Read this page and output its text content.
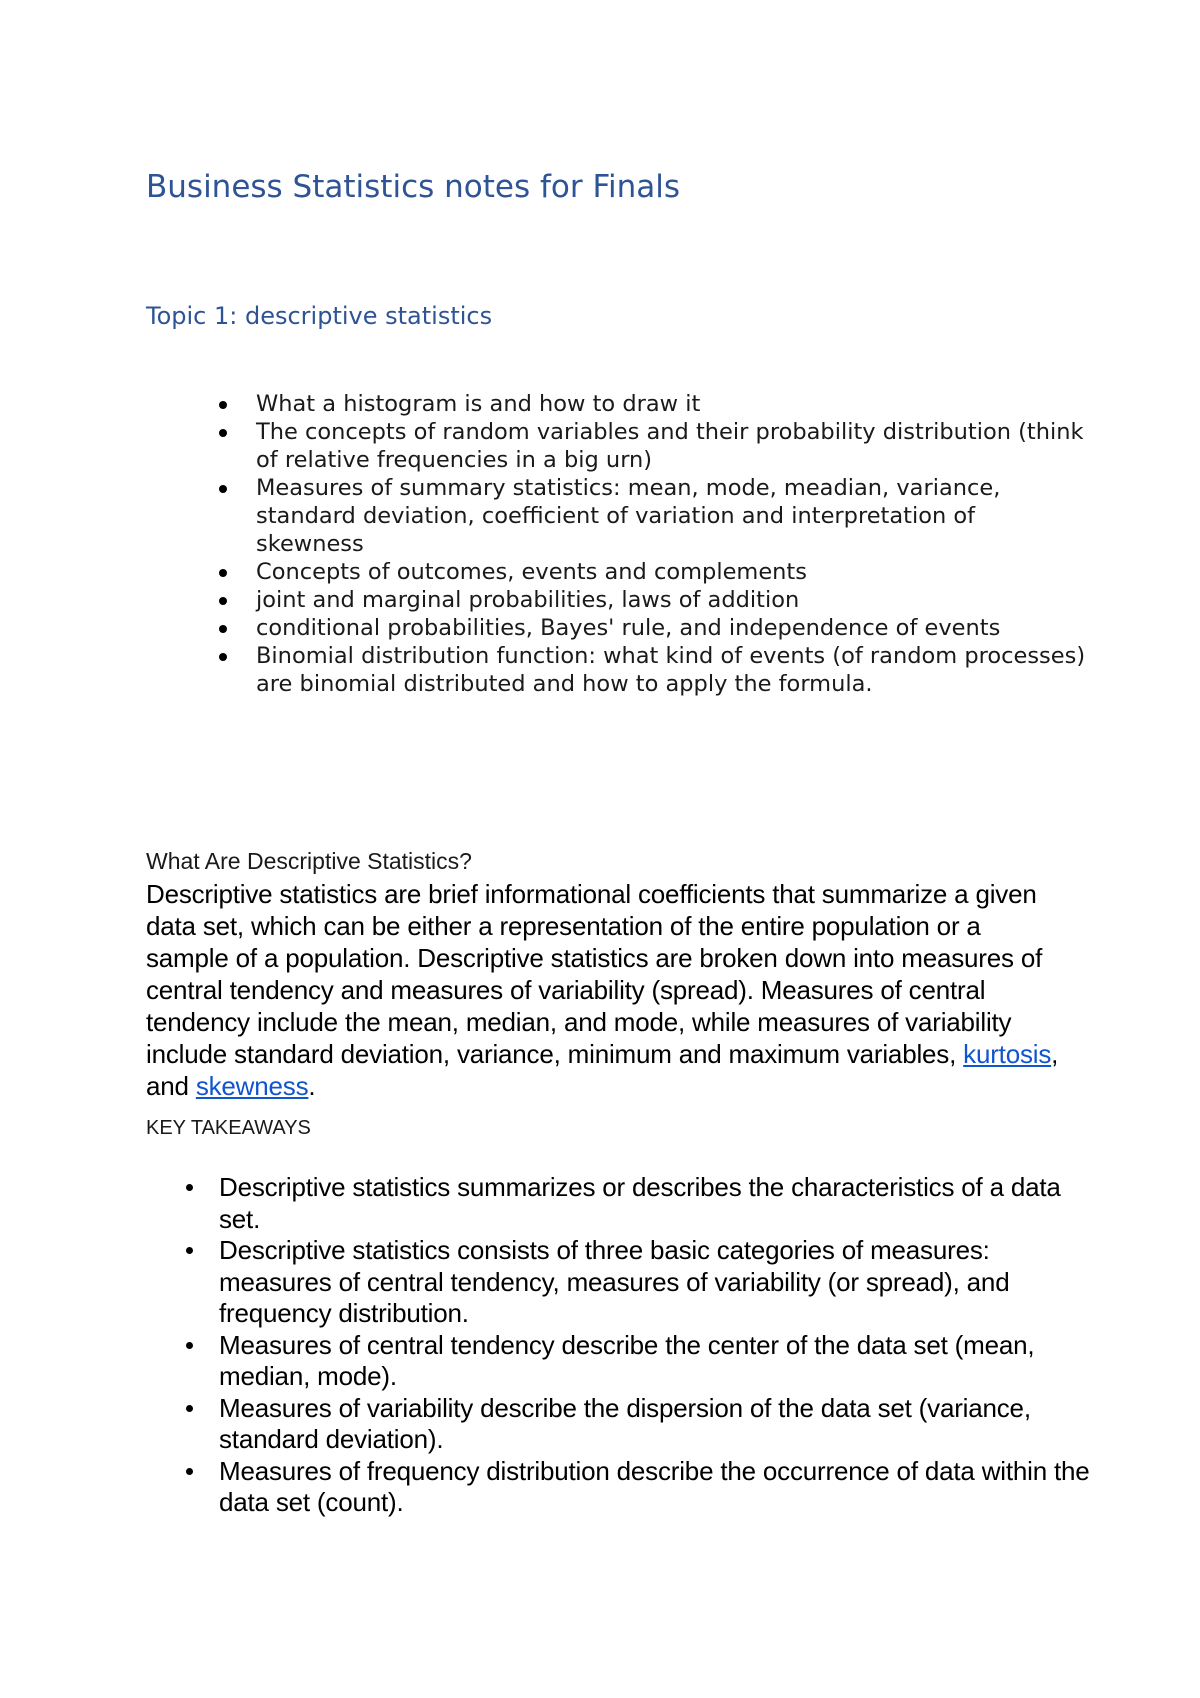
Business Statistics notes for Finals
Topic 1: descriptive statistics
What a histogram is and how to draw it
The concepts of random variables and their probability distribution (think of relative frequencies in a big urn)
Measures of summary statistics: mean, mode, meadian, variance, standard deviation, coefficient of variation and interpretation of skewness
Concepts of outcomes, events and complements
joint and marginal probabilities, laws of addition
conditional probabilities, Bayes' rule, and independence of events
Binomial distribution function: what kind of events (of random processes) are binomial distributed and how to apply the formula.

What Are Descriptive Statistics?

Descriptive statistics are brief informational coefficients that summarize a given data set, which can be either a representation of the entire population or a sample of a population. Descriptive statistics are broken down into measures of central tendency and measures of variability (spread). Measures of central tendency include the mean, median, and mode, while measures of variability include standard deviation, variance, minimum and maximum variables, kurtosis, and skewness.

KEY TAKEAWAYS

Descriptive statistics summarizes or describes the characteristics of a data set.
Descriptive statistics consists of three basic categories of measures: measures of central tendency, measures of variability (or spread), and frequency distribution.
Measures of central tendency describe the center of the data set (mean, median, mode).
Measures of variability describe the dispersion of the data set (variance, standard deviation).
Measures of frequency distribution describe the occurrence of data within the data set (count).
